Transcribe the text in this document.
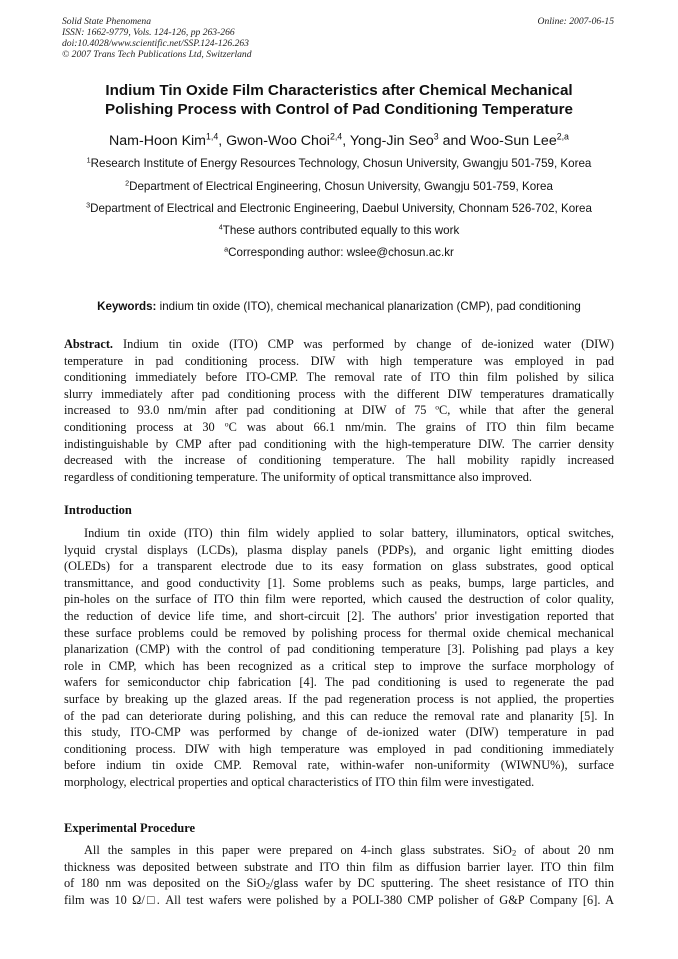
Solid State Phenomena
ISSN: 1662-9779, Vols. 124-126, pp 263-266
doi:10.4028/www.scientific.net/SSP.124-126.263
© 2007 Trans Tech Publications Ltd, Switzerland
Online: 2007-06-15
Indium Tin Oxide Film Characteristics after Chemical Mechanical
Polishing Process with Control of Pad Conditioning Temperature
Nam-Hoon Kim$^{1,4}$, Gwon-Woo Choi$^{2,4}$, Yong-Jin Seo$^3$ and Woo-Sun Lee$^{2,a}$
$^1$Research Institute of Energy Resources Technology, Chosun University, Gwangju 501-759, Korea
$^2$Department of Electrical Engineering, Chosun University, Gwangju 501-759, Korea
$^3$Department of Electrical and Electronic Engineering, Daebul University, Chonnam 526-702, Korea
$^4$These authors contributed equally to this work
$^a$Corresponding author: wslee@chosun.ac.kr
Keywords: indium tin oxide (ITO), chemical mechanical planarization (CMP), pad conditioning
Abstract. Indium tin oxide (ITO) CMP was performed by change of de-ionized water (DIW)
temperature in pad conditioning process. DIW with high temperature was employed in pad
conditioning immediately before ITO-CMP. The removal rate of ITO thin film polished by silica
slurry immediately after pad conditioning process with the different DIW temperatures dramatically
increased to 93.0 nm/min after pad conditioning at DIW of 75 $^o$C, while that after the general
conditioning process at 30 $^o$C was about 66.1 nm/min. The grains of ITO thin film became
indistinguishable by CMP after pad conditioning with the high-temperature DIW. The carrier density
decreased with the increase of conditioning temperature. The hall mobility rapidly increased
regardless of conditioning temperature. The uniformity of optical transmittance also improved.
Introduction
Indium tin oxide (ITO) thin film widely applied to solar battery, illuminators, optical switches,
lyquid crystal displays (LCDs), plasma display panels (PDPs), and organic light emitting diodes
(OLEDs) for a transparent electrode due to its easy formation on glass substrates, good optical
transmittance, and good conductivity [1]. Some problems such as peaks, bumps, large particles, and
pin-holes on the surface of ITO thin film were reported, which caused the destruction of color quality,
the reduction of device life time, and short-circuit [2]. The authors' prior investigation reported that
these surface problems could be removed by polishing process for thermal oxide chemical mechanical
planarization (CMP) with the control of pad conditioning temperature [3]. Polishing pad plays a key
role in CMP, which has been recognized as a critical step to improve the surface morphology of
wafers for semiconductor chip fabrication [4]. The pad conditioning is used to regenerate the pad
surface by breaking up the glazed areas. If the pad regeneration process is not applied, the properties
of the pad can deteriorate during polishing, and this can reduce the removal rate and planarity [5]. In
this study, ITO-CMP was performed by change of de-ionized water (DIW) temperature in pad
conditioning process. DIW with high temperature was employed in pad conditioning immediately
before indium tin oxide CMP. Removal rate, within-wafer non-uniformity (WIWNU%), surface
morphology, electrical properties and optical characteristics of ITO thin film were investigated.
Experimental Procedure
All the samples in this paper were prepared on 4-inch glass substrates. SiO$_2$ of about 20 nm
thickness was deposited between substrate and ITO thin film as diffusion barrier layer. ITO thin film
of 180 nm was deposited on the SiO$_2$/glass wafer by DC sputtering. The sheet resistance of ITO thin
film was 10 Ω/□. All test wafers were polished by a POLI-380 CMP polisher of G&P Company [6]. A
